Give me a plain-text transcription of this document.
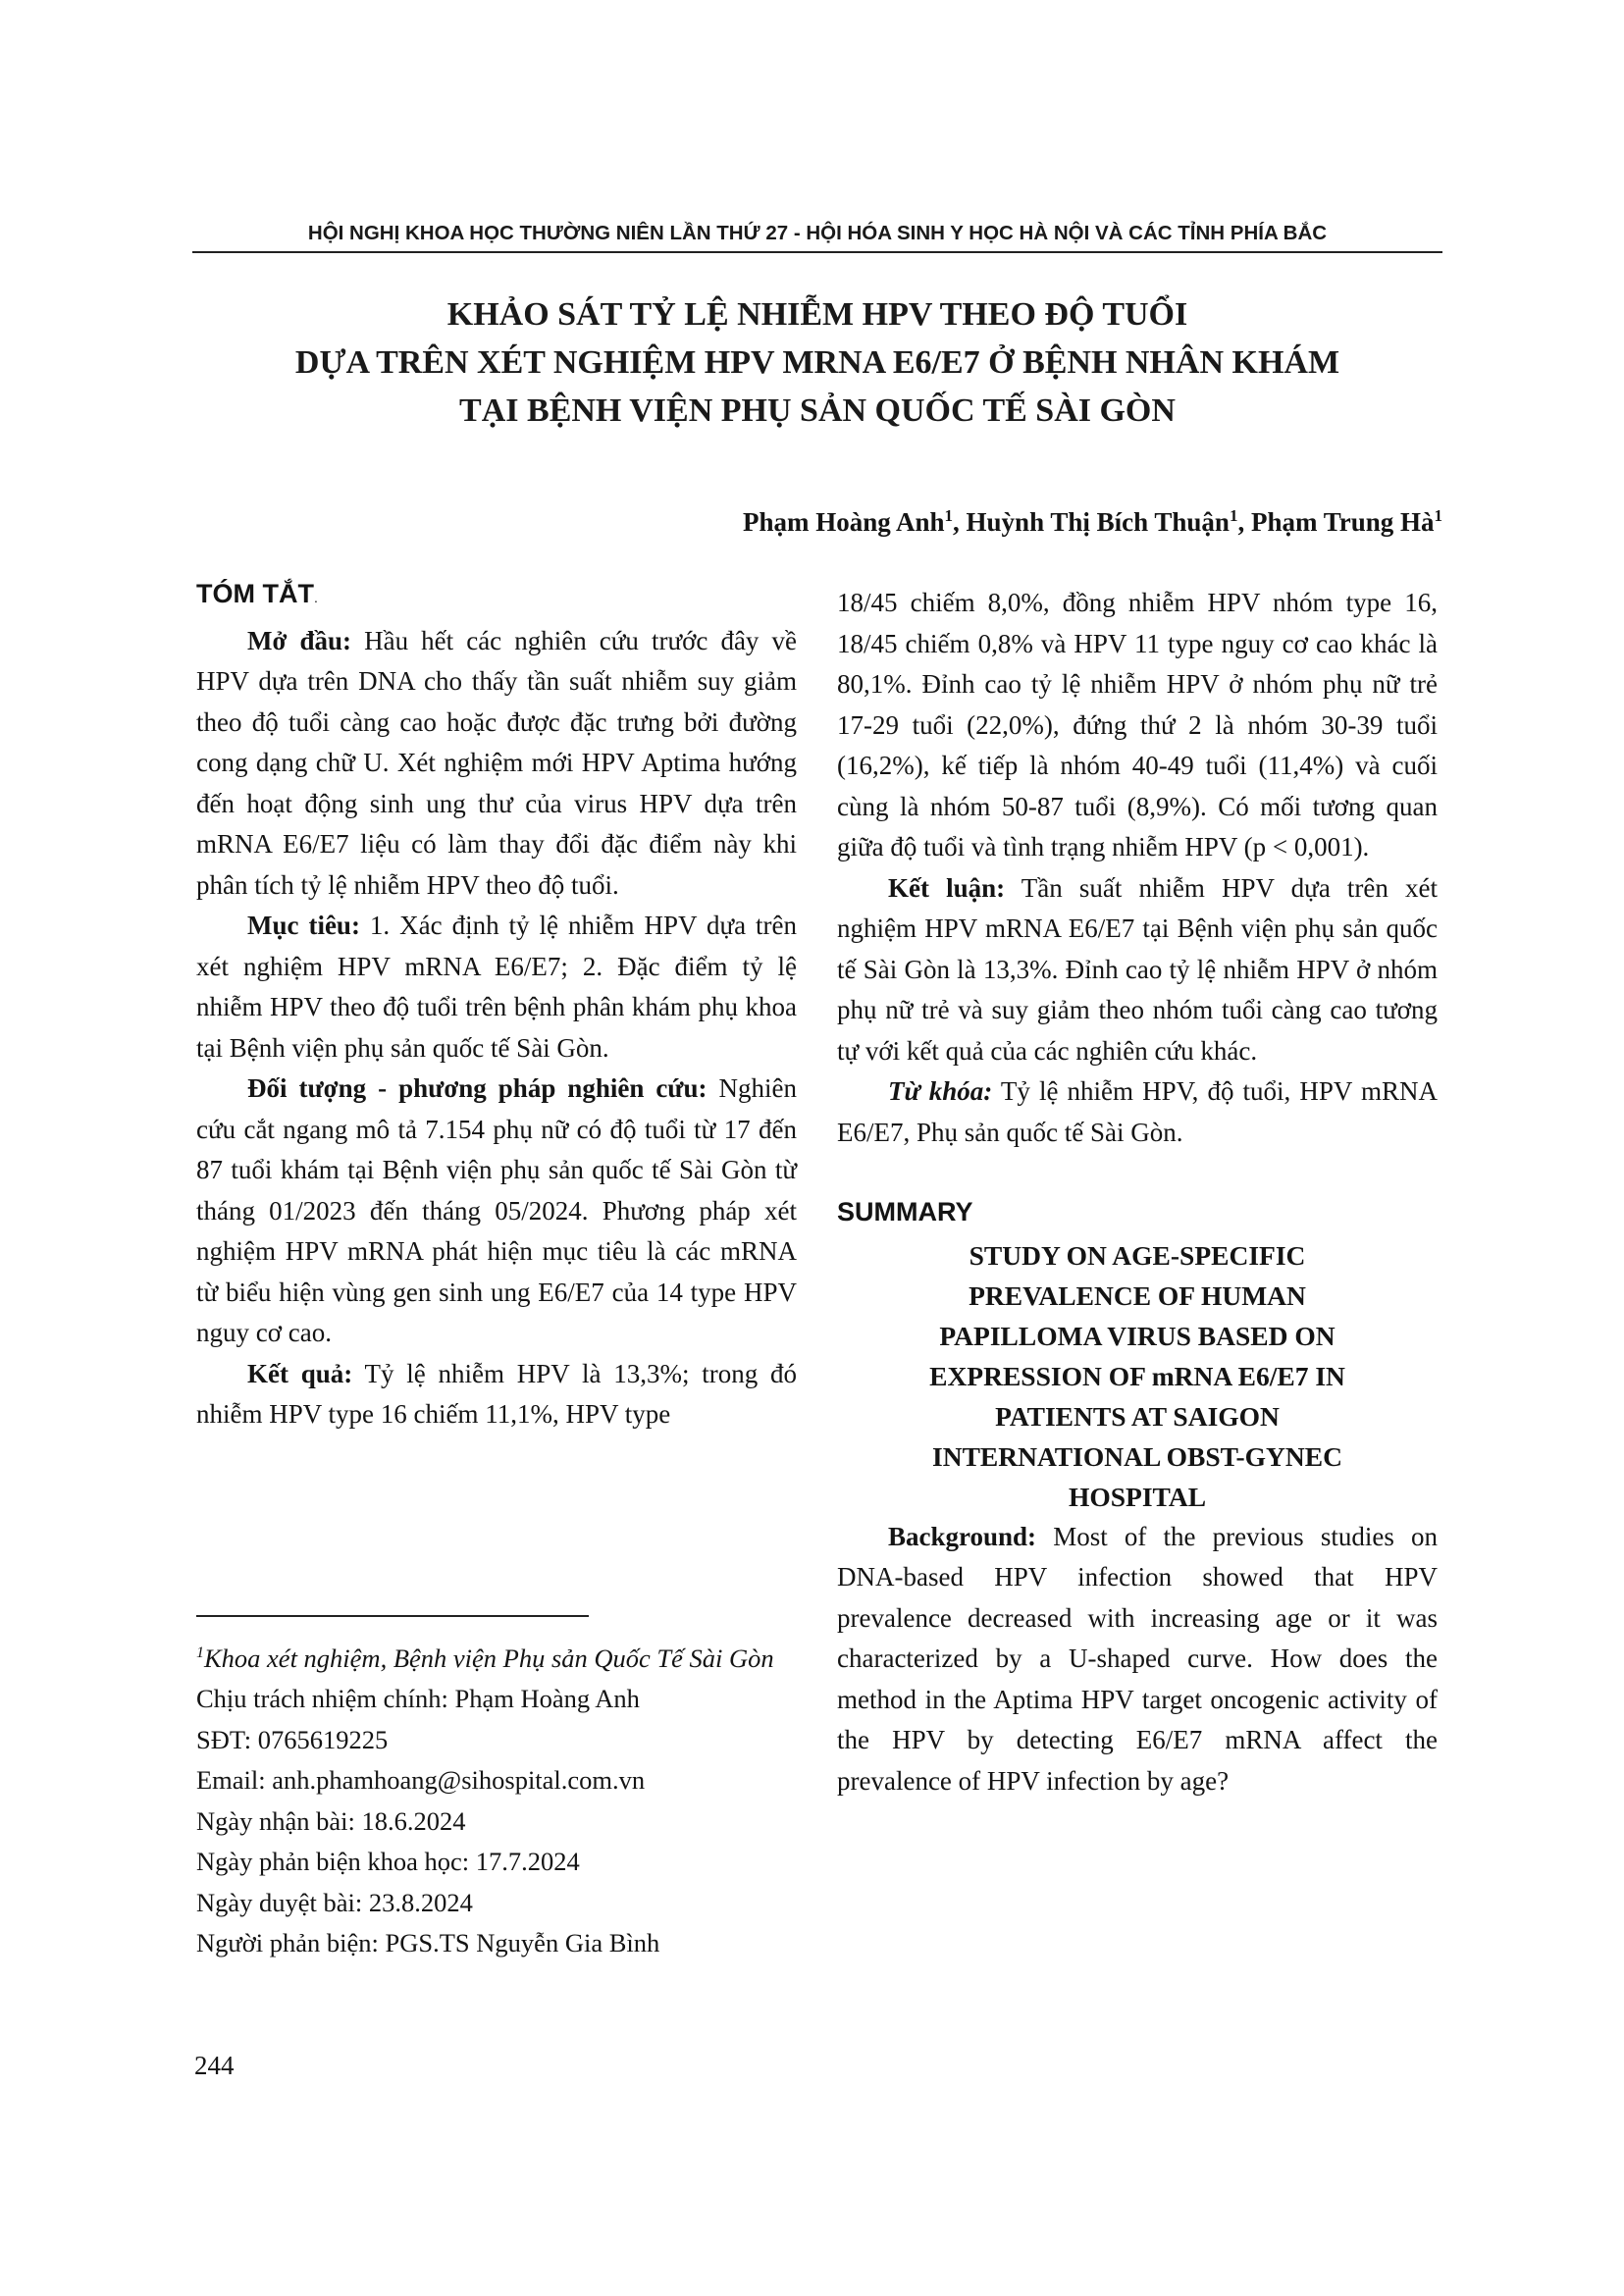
HỘI NGHỊ KHOA HỌC THƯỜNG NIÊN LẦN THỨ 27 - HỘI HÓA SINH Y HỌC HÀ NỘI VÀ CÁC TỈNH PHÍA BẮC
KHẢO SÁT TỶ LỆ NHIỄM HPV THEO ĐỘ TUỔI
DỰA TRÊN XÉT NGHIỆM HPV MRNA E6/E7 Ở BỆNH NHÂN KHÁM
TẠI BỆNH VIỆN PHỤ SẢN QUỐC TẾ SÀI GÒN
Phạm Hoàng Anh$^1$, Huỳnh Thị Bích Thuận$^1$, Phạm Trung $Hà^1$
TÓM TẮT.

Mở đầu: Hầu hết các nghiên cứu trước đây về HPV dựa trên DNA cho thấy tần suất nhiễm suy giảm theo độ tuổi càng cao hoặc được đặc trưng bởi đường cong dạng chữ U. Xét nghiệm mới HPV Aptima hướng đến hoạt động sinh ung thư của virus HPV dựa trên mRNA E6/E7 liệu có làm thay đổi đặc điểm này khi phân tích tỷ lệ nhiễm HPV theo độ tuổi.

Mục tiêu: 1. Xác định tỷ lệ nhiễm HPV dựa trên xét nghiệm HPV mRNA E6/E7; 2. Đặc điểm tỷ lệ nhiễm HPV theo độ tuổi trên bệnh phân khám phụ khoa tại Bệnh viện phụ sản quốc tế Sài Gòn.

Đối tượng - phương pháp nghiên cứu: Nghiên cứu cắt ngang mô tả 7.154 phụ nữ có độ tuổi từ 17 đến 87 tuổi khám tại Bệnh viện phụ sản quốc tế Sài Gòn từ tháng 01/2023 đến tháng 05/2024. Phương pháp xét nghiệm HPV mRNA phát hiện mục tiêu là các mRNA từ biểu hiện vùng gen sinh ung E6/E7 của 14 type HPV nguy cơ cao.

Kết quả: Tỷ lệ nhiễm HPV là 13,3%; trong đó nhiễm HPV type 16 chiếm 11,1%, HPV type

$^1$Khoa xét nghiệm, Bệnh viện Phụ sản Quốc Tế Sài Gòn

Chịu trách nhiệm chính: Phạm Hoàng Anh

SĐT: 0765619225

Email: anh.phamhoang@sihospital.com.vn

Ngày nhận bài: 18.6.2024

Ngày phản biện khoa học: 17.7.2024

Ngày duyệt bài: 23.8.2024

Người phản biện: PGS.TS Nguyễn Gia Bình

18/45 chiếm 8,0%, đồng nhiễm HPV nhóm type 16, 18/45 chiếm 0,8% và HPV 11 type nguy cơ cao khác là 80,1%. Đỉnh cao tỷ lệ nhiễm HPV ở nhóm phụ nữ trẻ 17-29 tuổi (22,0%), đứng thứ 2 là nhóm 30-39 tuổi (16,2%), kế tiếp là nhóm 40-49 tuổi (11,4%) và cuối cùng là nhóm 50-87 tuổi (8,9%). Có mối tương quan giữa độ tuổi và tình trạng nhiễm HPV (p < 0,001).

Kết luận: Tần suất nhiễm HPV dựa trên xét nghiệm HPV mRNA E6/E7 tại Bệnh viện phụ sản quốc tế Sài Gòn là 13,3%. Đỉnh cao tỷ lệ nhiễm HPV ở nhóm phụ nữ trẻ và suy giảm theo nhóm tuổi càng cao tương tự với kết quả của các nghiên cứu khác.

Từ khóa: Tỷ lệ nhiễm HPV, độ tuổi, HPV mRNA E6/E7, Phụ sản quốc tế Sài Gòn.

SUMMARY
STUDY ON AGE-SPECIFIC
PREVALENCE OF HUMAN
PAPILLOMA VIRUS BASED ON
EXPRESSION OF mRNA E6/E7 IN
PATIENTS AT SAIGON
INTERNATIONAL OBST-GYNEC
HOSPITAL

Background: Most of the previous studies on DNA-based HPV infection showed that HPV prevalence decreased with increasing age or it was characterized by a U-shaped curve. How does the method in the Aptima HPV target oncogenic activity of the HPV by detecting E6/E7 mRNA affect the prevalence of HPV infection by age?

244
